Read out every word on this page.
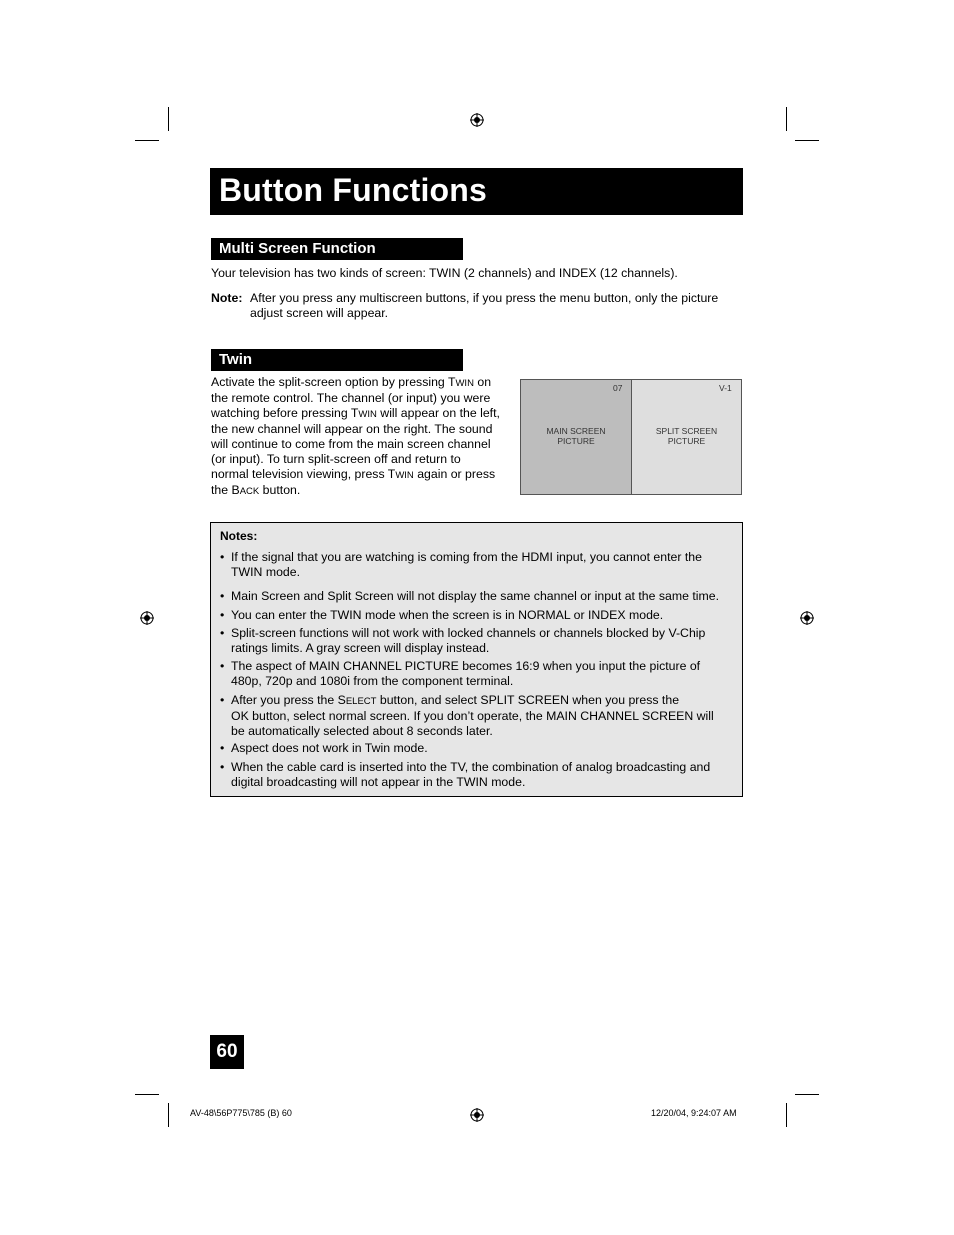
Button Functions
Multi Screen Function
Your television has two kinds of screen: TWIN (2 channels) and INDEX (12 channels).
Note: After you press any multiscreen buttons, if you press the menu button, only the picture
adjust screen will appear.
Twin
Activate the split-screen option by pressing TWIN on
the remote control. The channel (or input) you were
watching before pressing TWIN will appear on the left,
the new channel will appear on the right. The sound
will continue to come from the main screen channel
(or input). To turn split-screen off and return to
normal television viewing, press TWIN again or press
the BACK button.
07	V-1
MAIN SCREEN
PICTURE
SPLIT SCREEN
PICTURE
Notes:
• If the signal that you are watching is coming from the HDMI input, you cannot enter the
TWIN mode.
• Main Screen and Split Screen will not display the same channel or input at the same time.
• You can enter the TWIN mode when the screen is in NORMAL or INDEX mode.
• Split-screen functions will not work with locked channels or channels blocked by V-Chip
ratings limits. A gray screen will display instead.
• The aspect of MAIN CHANNEL PICTURE becomes 16:9 when you input the picture of
480p, 720p and 1080i from the component terminal.
• After you press the SELECT button, and select SPLIT SCREEN when you press the
OK button, select normal screen. If you don’t operate, the MAIN CHANNEL SCREEN will
be automatically selected about 8 seconds later.
• Aspect does not work in Twin mode.
• When the cable card is inserted into the TV, the combination of analog broadcasting and
digital broadcasting will not appear in the TWIN mode.
60
AV-48\56P775\785 (B) 60	12/20/04, 9:24:07 AM
